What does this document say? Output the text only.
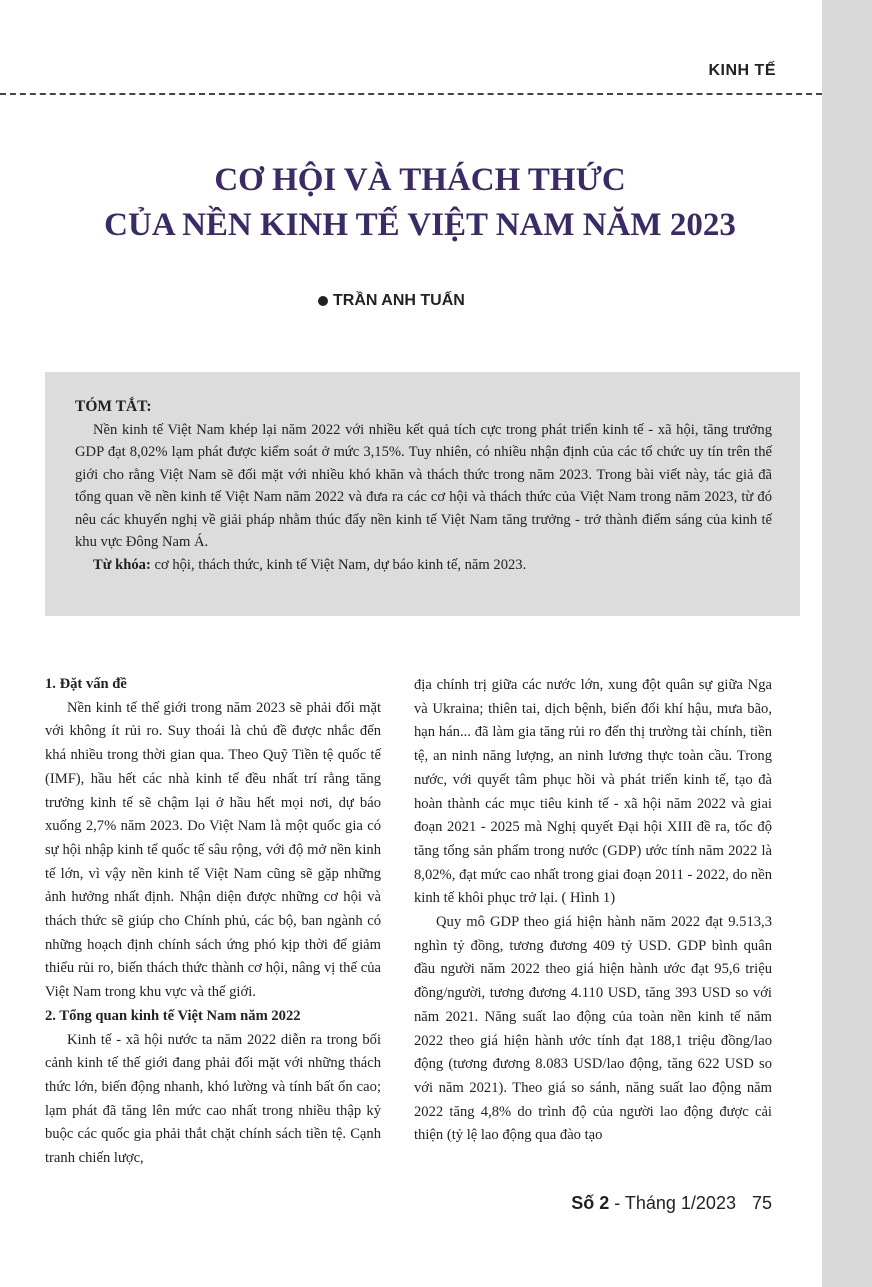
KINH TẾ
CƠ HỘI VÀ THÁCH THỨC
CỦA NỀN KINH TẾ VIỆT NAM NĂM 2023
TRẦN ANH TUẤN

TÓM TẮT:

Nền kinh tế Việt Nam khép lại năm 2022 với nhiều kết quả tích cực trong phát triển kinh tế - xã hội, tăng trưởng GDP đạt 8,02% lạm phát được kiểm soát ở mức 3,15%. Tuy nhiên, có nhiều nhận định của các tổ chức uy tín trên thế giới cho rằng Việt Nam sẽ đối mặt với nhiều khó khăn và thách thức trong năm 2023. Trong bài viết này, tác giả đã tổng quan về nền kinh tế Việt Nam năm 2022 và đưa ra các cơ hội và thách thức của Việt Nam trong năm 2023, từ đó nêu các khuyến nghị về giải pháp nhằm thúc đẩy nền kinh tế Việt Nam tăng trưởng - trở thành điểm sáng của kinh tế khu vực Đông Nam Á.

Từ khóa: cơ hội, thách thức, kinh tế Việt Nam, dự báo kinh tế, năm 2023.

1. Đặt vấn đề

Nền kinh tế thế giới trong năm 2023 sẽ phải đối mặt với không ít rủi ro. Suy thoái là chủ đề được nhắc đến khá nhiều trong thời gian qua. Theo Quỹ Tiền tệ quốc tế (IMF), hầu hết các nhà kinh tế đều nhất trí rằng tăng trưởng kinh tế sẽ chậm lại ở hầu hết mọi nơi, dự báo xuống 2,7% năm 2023. Do Việt Nam là một quốc gia có sự hội nhập kinh tế quốc tế sâu rộng, với độ mở nền kinh tế lớn, vì vậy nền kinh tế Việt Nam cũng sẽ gặp những ảnh hưởng nhất định. Nhận diện được những cơ hội và thách thức sẽ giúp cho Chính phủ, các bộ, ban ngành có những hoạch định chính sách ứng phó kịp thời để giảm thiểu rủi ro, biến thách thức thành cơ hội, nâng vị thế của Việt Nam trong khu vực và thế giới.

2. Tổng quan kinh tế Việt Nam năm 2022

Kinh tế - xã hội nước ta năm 2022 diễn ra trong bối cảnh kinh tế thế giới đang phải đối mặt với những thách thức lớn, biến động nhanh, khó lường và tính bất ổn cao; lạm phát đã tăng lên mức cao nhất trong nhiều thập kỷ buộc các quốc gia phải thắt chặt chính sách tiền tệ. Cạnh tranh chiến lược,

địa chính trị giữa các nước lớn, xung đột quân sự giữa Nga và Ukraina; thiên tai, dịch bệnh, biến đổi khí hậu, mưa bão, hạn hán... đã làm gia tăng rủi ro đến thị trường tài chính, tiền tệ, an ninh năng lượng, an ninh lương thực toàn cầu. Trong nước, với quyết tâm phục hồi và phát triển kinh tế, tạo đà hoàn thành các mục tiêu kinh tế - xã hội năm 2022 và giai đoạn 2021 - 2025 mà Nghị quyết Đại hội XIII đề ra, tốc độ tăng tổng sản phẩm trong nước (GDP) ước tính năm 2022 là 8,02%, đạt mức cao nhất trong giai đoạn 2011 - 2022, do nền kinh tế khôi phục trở lại. ( Hình 1)

Quy mô GDP theo giá hiện hành năm 2022 đạt 9.513,3 nghìn tỷ đồng, tương đương 409 tỷ USD. GDP bình quân đầu người năm 2022 theo giá hiện hành ước đạt 95,6 triệu đồng/người, tương đương 4.110 USD, tăng 393 USD so với năm 2021. Năng suất lao động của toàn nền kinh tế năm 2022 theo giá hiện hành ước tính đạt 188,1 triệu đồng/lao động (tương đương 8.083 USD/lao động, tăng 622 USD so với năm 2021). Theo giá so sánh, năng suất lao động năm 2022 tăng 4,8% do trình độ của người lao động được cải thiện (tỷ lệ lao động qua đào tạo

Số 2 - Tháng 1/2023 75
